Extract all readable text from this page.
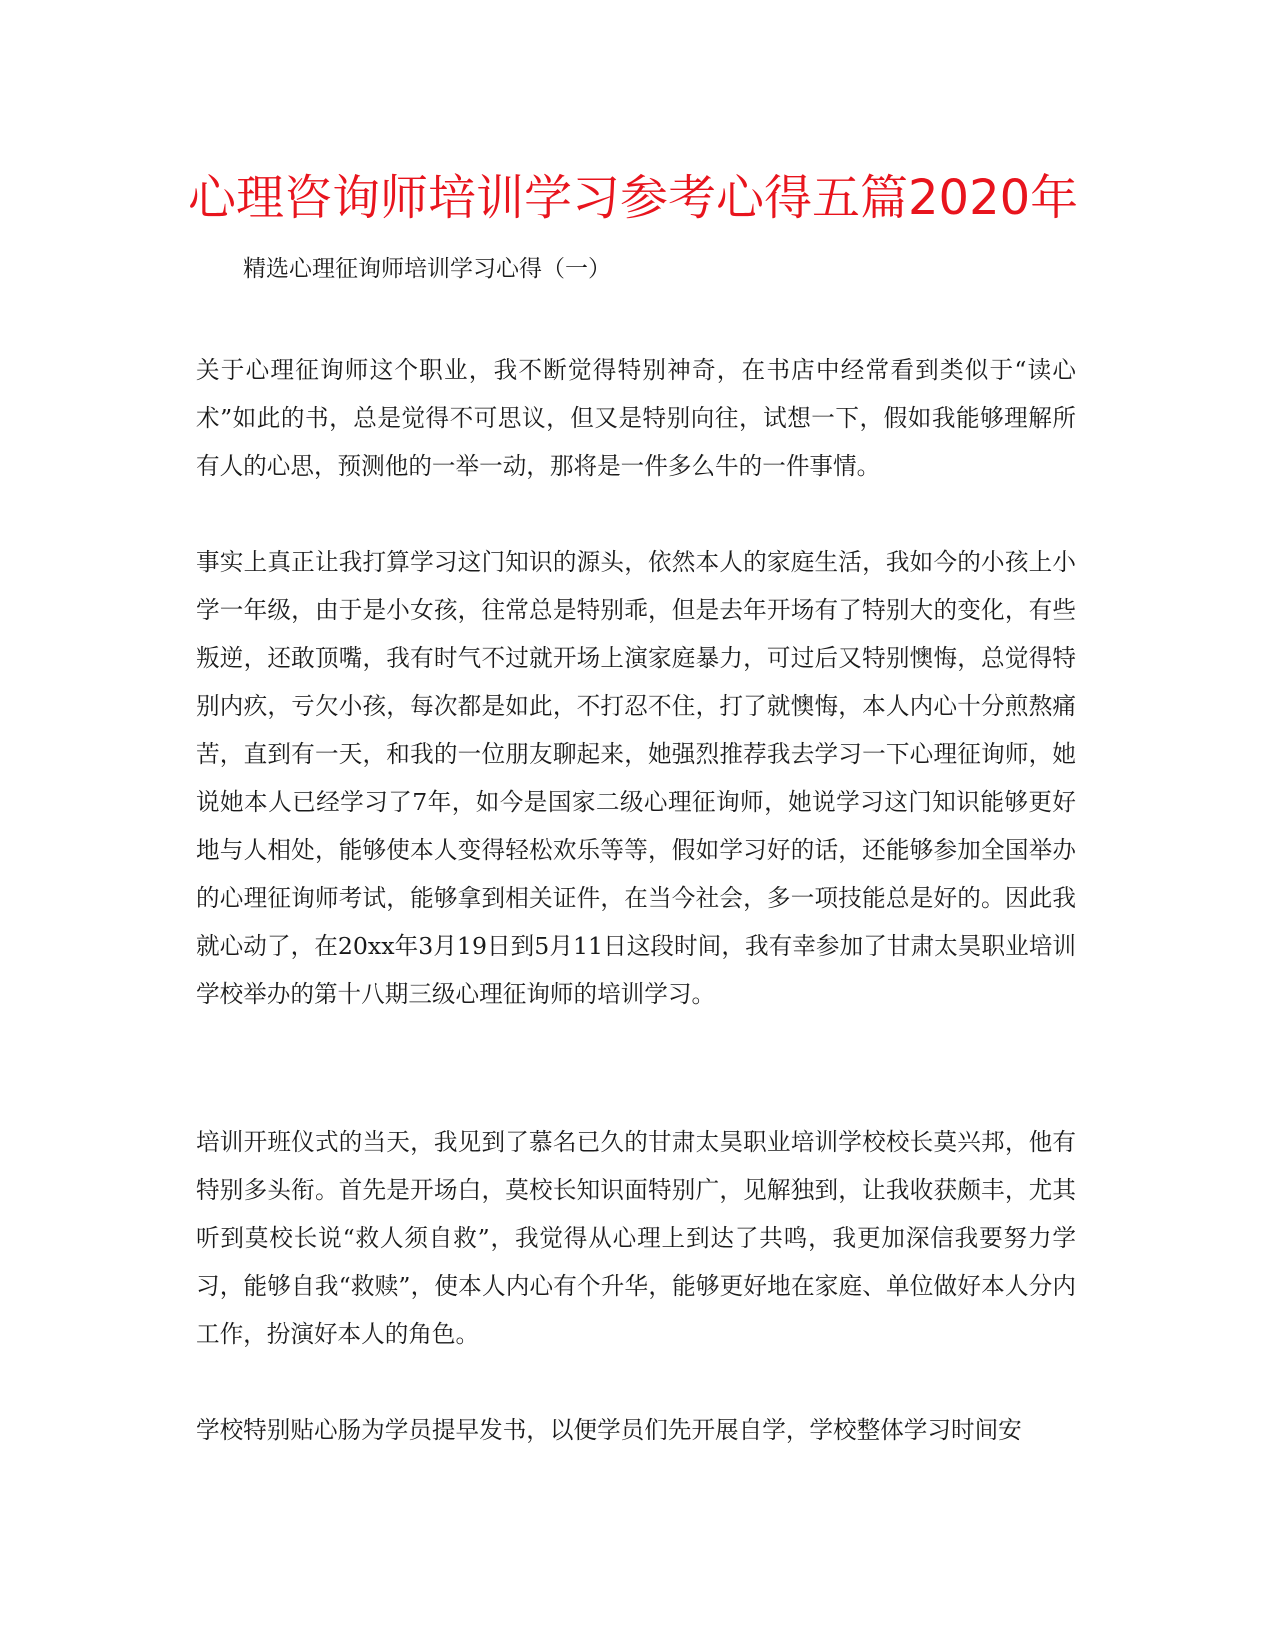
心理咨询师培训学习参考心得五篇2020年

精选心理征询师培训学习心得（一）

关于心理征询师这个职业，我不断觉得特别神奇，在书店中经常看到类似于“读心术”如此的书，总是觉得不可思议，但又是特别向往，试想一下，假如我能够理解所有人的心思，预测他的一举一动，那将是一件多么牛的一件事情。

事实上真正让我打算学习这门知识的源头，依然本人的家庭生活，我如今的小孩上小学一年级，由于是小女孩，往常总是特别乖，但是去年开场有了特别大的变化，有些叛逆，还敢顶嘴，我有时气不过就开场上演家庭暴力，可过后又特别懊悔，总觉得特别内疚，亏欠小孩，每次都是如此，不打忍不住，打了就懊悔，本人内心十分煎熬痛苦，直到有一天，和我的一位朋友聊起来，她强烈推荐我去学习一下心理征询师，她说她本人已经学习了7年，如今是国家二级心理征询师，她说学习这门知识能够更好地与人相处，能够使本人变得轻松欢乐等等，假如学习好的话，还能够参加全国举办的心理征询师考试，能够拿到相关证件，在当今社会，多一项技能总是好的。因此我就心动了，在20xx年3月19日到5月11日这段时间，我有幸参加了甘肃太昊职业培训学校举办的第十八期三级心理征询师的培训学习。

培训开班仪式的当天，我见到了慕名已久的甘肃太昊职业培训学校校长莫兴邦，他有特别多头衔。首先是开场白，莫校长知识面特别广，见解独到，让我收获颇丰，尤其听到莫校长说“救人须自救”，我觉得从心理上到达了共鸣，我更加深信我要努力学习，能够自我“救赎”，使本人内心有个升华，能够更好地在家庭、单位做好本人分内工作，扮演好本人的角色。

学校特别贴心肠为学员提早发书，以便学员们先开展自学，学校整体学习时间安
